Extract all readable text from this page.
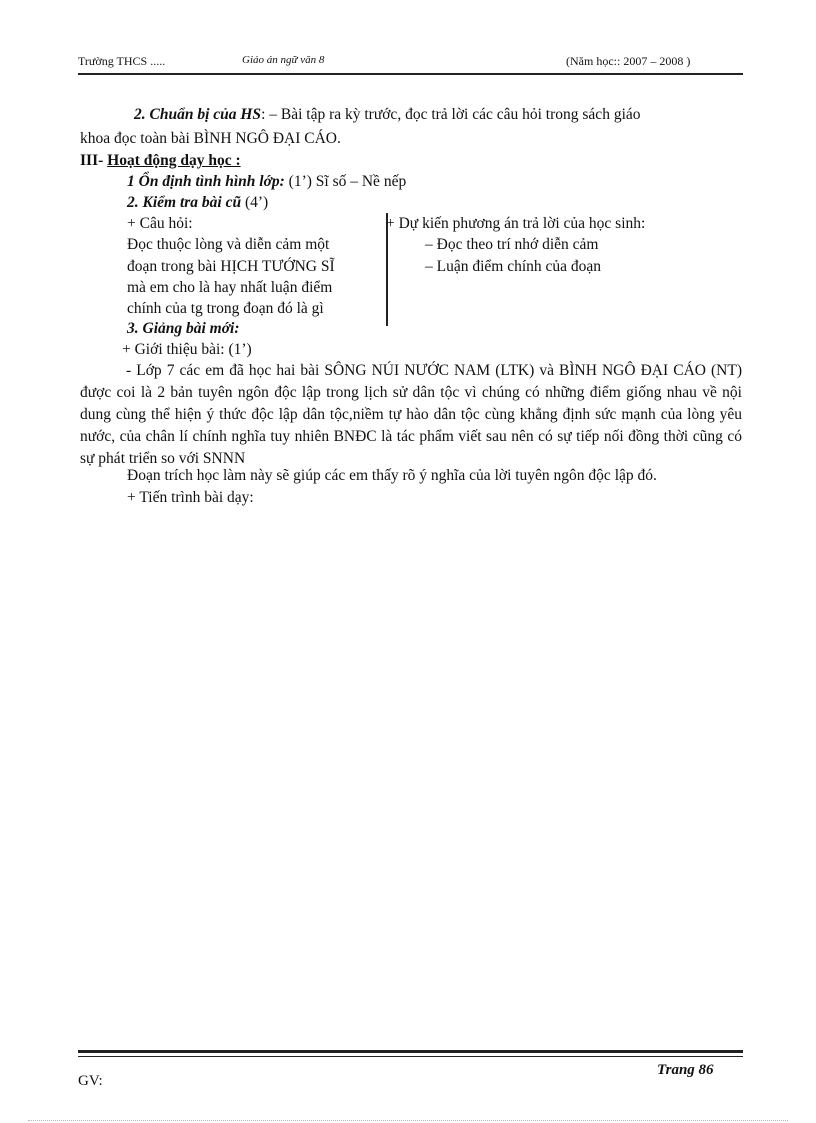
Trường THCS .....	Giáo án ngữ văn 8	(Năm học:: 2007 – 2008 )
2. Chuẩn bị của HS: – Bài tập ra kỳ trước, đọc trả lời các câu hỏi trong sách giáo
khoa đọc toàn bài BÌNH NGÔ ĐẠI CÁO.
III- Hoạt động dạy học :
1 Ổn định tình hình lớp: (1’) Sĩ số – Nề nếp
2. Kiểm tra bài cũ (4’)
+ Câu hỏi:
Đọc thuộc lòng và diễn cảm một
đoạn trong bài HỊCH TƯỚNG SĨ
mà em cho là hay nhất luận điểm
chính của tg trong đoạn đó là gì
+ Dự kiến phương án trả lời của học sinh:
– Đọc theo trí nhớ diễn cảm
– Luận điểm chính của đoạn
3. Giảng bài mới:
+ Giới thiệu bài: (1’)
- Lớp 7 các em đã học hai bài SÔNG NÚI NƯỚC NAM (LTK) và BÌNH NGÔ ĐẠI CÁO (NT) được coi là 2 bản tuyên ngôn độc lập trong lịch sử dân tộc vì chúng có những điểm giống nhau về nội dung cùng thể hiện ý thức độc lập dân tộc,niềm tự hào dân tộc cùng khẳng định sức mạnh của lòng yêu nước, của chân lí chính nghĩa tuy nhiên BNĐC là tác phẩm viết sau nên có sự tiếp nối đồng thời cũng có sự phát triển so với SNNN
Đoạn trích học làm này sẽ giúp các em thấy rõ ý nghĩa của lời tuyên ngôn độc lập đó.
+ Tiến trình bài dạy:
Trang 86
GV:
